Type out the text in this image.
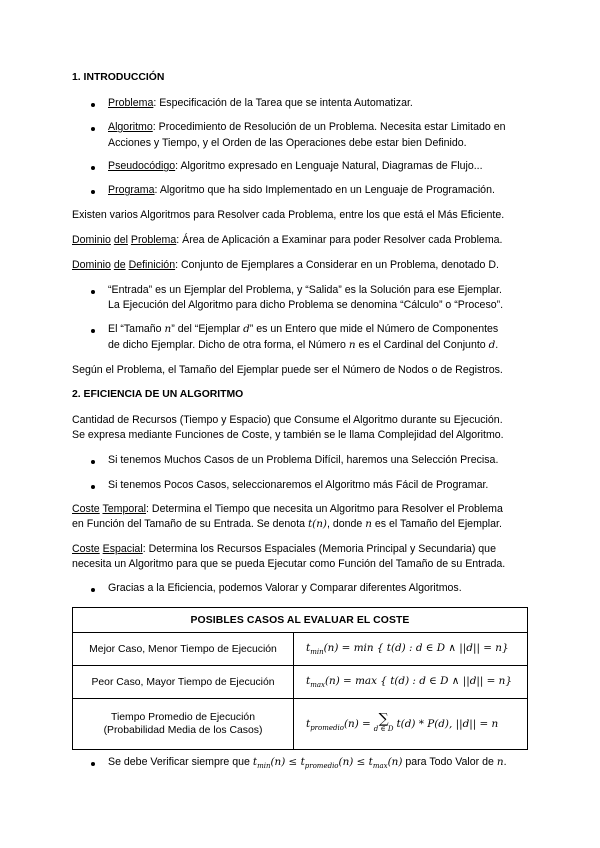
1. INTRODUCCIÓN
Problema: Especificación de la Tarea que se intenta Automatizar.
Algoritmo: Procedimiento de Resolución de un Problema. Necesita estar Limitado en
Acciones y Tiempo, y el Orden de las Operaciones debe estar bien Definido.
Pseudocódigo: Algoritmo expresado en Lenguaje Natural, Diagramas de Flujo...
Programa: Algoritmo que ha sido Implementado en un Lenguaje de Programación.
Existen varios Algoritmos para Resolver cada Problema, entre los que está el Más Eficiente.
Dominio del Problema: Área de Aplicación a Examinar para poder Resolver cada Problema.
Dominio de Definición: Conjunto de Ejemplares a Considerar en un Problema, denotado D.
“Entrada” es un Ejemplar del Problema, y “Salida” es la Solución para ese Ejemplar.
La Ejecución del Algoritmo para dicho Problema se denomina “Cálculo” o “Proceso”.
El “Tamaño n” del “Ejemplar d” es un Entero que mide el Número de Componentes
de dicho Ejemplar. Dicho de otra forma, el Número n es el Cardinal del Conjunto d.
Según el Problema, el Tamaño del Ejemplar puede ser el Número de Nodos o de Registros.
2. EFICIENCIA DE UN ALGORITMO
Cantidad de Recursos (Tiempo y Espacio) que Consume el Algoritmo durante su Ejecución.
Se expresa mediante Funciones de Coste, y también se le llama Complejidad del Algoritmo.
Si tenemos Muchos Casos de un Problema Difícil, haremos una Selección Precisa.
Si tenemos Pocos Casos, seleccionaremos el Algoritmo más Fácil de Programar.
Coste Temporal: Determina el Tiempo que necesita un Algoritmo para Resolver el Problema
en Función del Tamaño de su Entrada. Se denota t(n), donde n es el Tamaño del Ejemplar.
Coste Espacial: Determina los Recursos Espaciales (Memoria Principal y Secundaria) que
necesita un Algoritmo para que se pueda Ejecutar como Función del Tamaño de su Entrada.
Gracias a la Eficiencia, podemos Valorar y Comparar diferentes Algoritmos.
POSIBLES CASOS AL EVALUAR EL COSTE	
Mejor Caso, Menor Tiempo de Ejecución	$t_{min}(n) = \min$ { t(d) : d ∈ D ∧ ||d|| = n}
Peor Caso, Mayor Tiempo de Ejecución	$t_{max}(n) = \max$ { t(d) : d ∈ D ∧ ||d|| = n}
Tiempo Promedio de Ejecución
(Probabilidad Media de los Casos)	$t_{promedio}(n)$ = ∑
d ∈ D t(d) * P(d), ||d|| = n
Se debe Verificar siempre que $t_{min}(n) \le t_{promedio}(n) \le t_{max}(n)$ para Todo Valor de n.
